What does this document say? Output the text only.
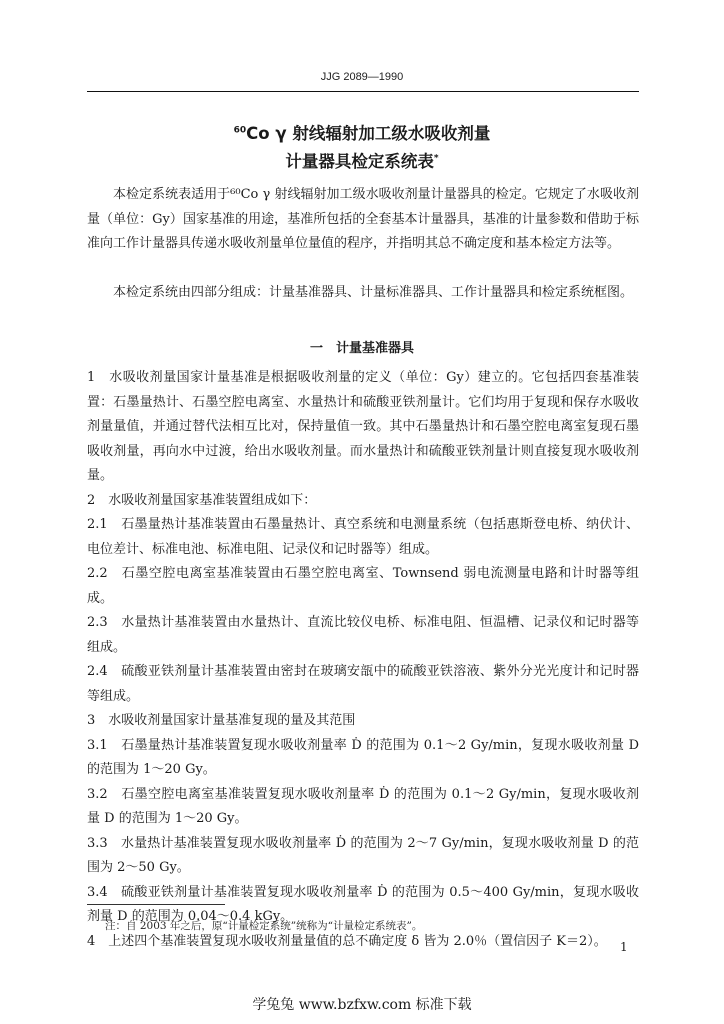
JJG 2089—1990
$^{60}$Co γ 射线辐射加工级水吸收剂量
计量器具检定系统表*
本检定系统表适用于⁶⁰Co γ 射线辐射加工级水吸收剂量计量器具的检定。它规定了水吸收剂量（单位：Gy）国家基准的用途，基准所包括的全套基本计量器具，基准的计量参数和借助于标准向工作计量器具传递水吸收剂量单位量值的程序，并指明其总不确定度和基本检定方法等。
本检定系统由四部分组成：计量基准器具、计量标准器具、工作计量器具和检定系统框图。
一　计量基准器具

1　水吸收剂量国家计量基准是根据吸收剂量的定义（单位：Gy）建立的。它包括四套基准装置：石墨量热计、石墨空腔电离室、水量热计和硫酸亚铁剂量计。它们均用于复现和保存水吸收剂量量值，并通过替代法相互比对，保持量值一致。其中石墨量热计和石墨空腔电离室复现石墨吸收剂量，再向水中过渡，给出水吸收剂量。而水量热计和硫酸亚铁剂量计则直接复现水吸收剂量。

2　水吸收剂量国家基准装置组成如下：

2.1　石墨量热计基准装置由石墨量热计、真空系统和电测量系统（包括惠斯登电桥、纳伏计、电位差计、标准电池、标准电阻、记录仪和记时器等）组成。

2.2　石墨空腔电离室基准装置由石墨空腔电离室、Townsend 弱电流测量电路和计时器等组成。

2.3　水量热计基准装置由水量热计、直流比较仪电桥、标准电阻、恒温槽、记录仪和记时器等组成。

2.4　硫酸亚铁剂量计基准装置由密封在玻璃安瓿中的硫酸亚铁溶液、紫外分光光度计和记时器等组成。

3　水吸收剂量国家计量基准复现的量及其范围

3.1　石墨量热计基准装置复现水吸收剂量率 Ḋ 的范围为 0.1～2 Gy/min，复现水吸收剂量 D 的范围为 1～20 Gy。

3.2　石墨空腔电离室基准装置复现水吸收剂量率 Ḋ 的范围为 0.1～2 Gy/min，复现水吸收剂量 D 的范围为 1～20 Gy。

3.3　水量热计基准装置复现水吸收剂量率 Ḋ 的范围为 2～7 Gy/min，复现水吸收剂量 D 的范围为 2～50 Gy。

3.4　硫酸亚铁剂量计基准装置复现水吸收剂量率 Ḋ 的范围为 0.5～400 Gy/min，复现水吸收剂量 D 的范围为 0.04～0.4 kGy。

4　上述四个基准装置复现水吸收剂量量值的总不确定度 δ 皆为 2.0％（置信因子 K＝2）。

注：自 2003 年之后，原“计量检定系统”统称为“计量检定系统表”。
1
学兔兔 www.bzfxw.com 标准下载
